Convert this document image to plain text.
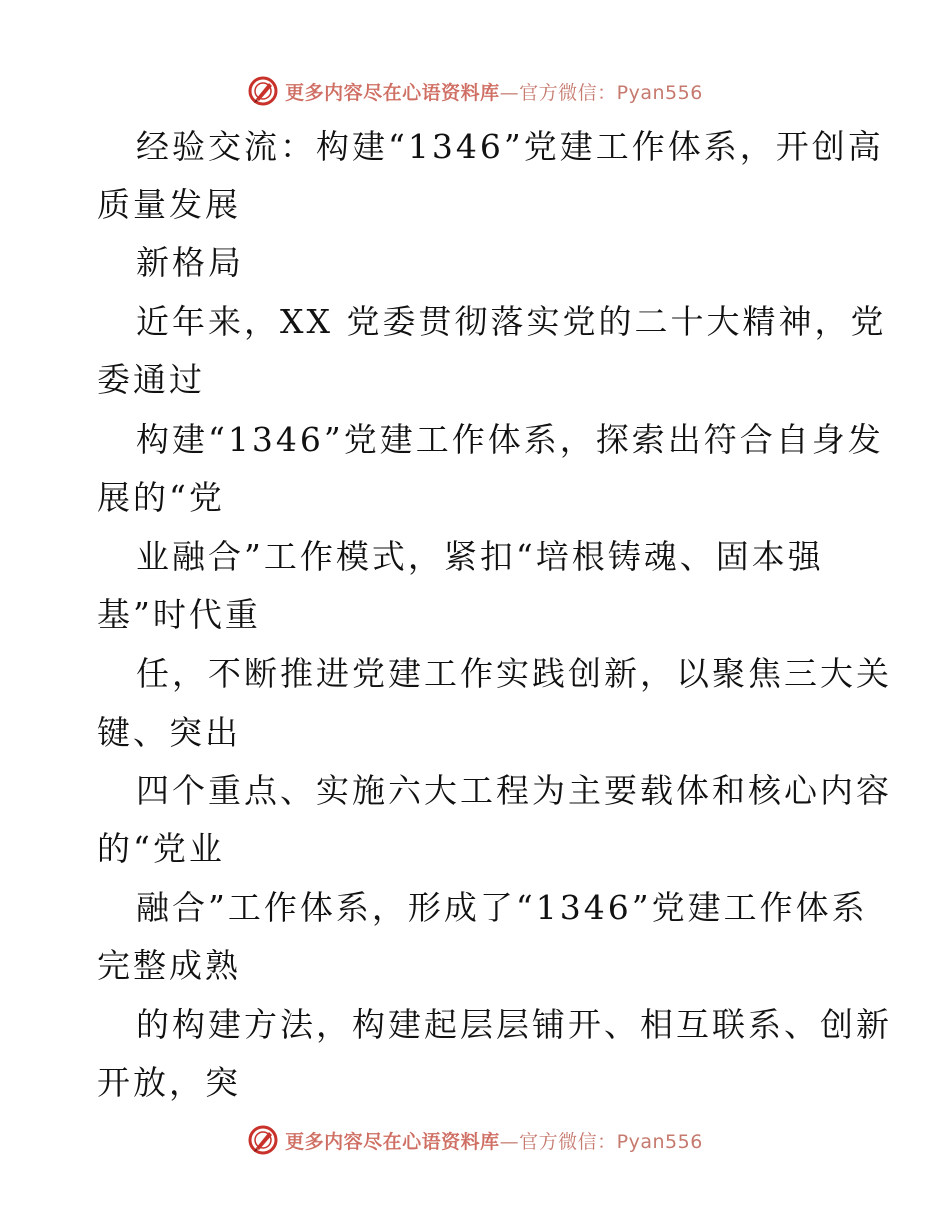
更多内容尽在心语资料库—官方微信：Pyan556
经验交流：构建“1346”党建工作体系，开创高
质量发展
新格局
近年来，XX 党委贯彻落实党的二十大精神，党
委通过
构建“1346”党建工作体系，探索出符合自身发
展的“党
业融合”工作模式，紧扣“培根铸魂、固本强
基”时代重
任，不断推进党建工作实践创新，以聚焦三大关
键、突出
四个重点、实施六大工程为主要载体和核心内容
的“党业
融合”工作体系，形成了“1346”党建工作体系
完整成熟
的构建方法，构建起层层铺开、相互联系、创新
开放，突
更多内容尽在心语资料库—官方微信：Pyan556
